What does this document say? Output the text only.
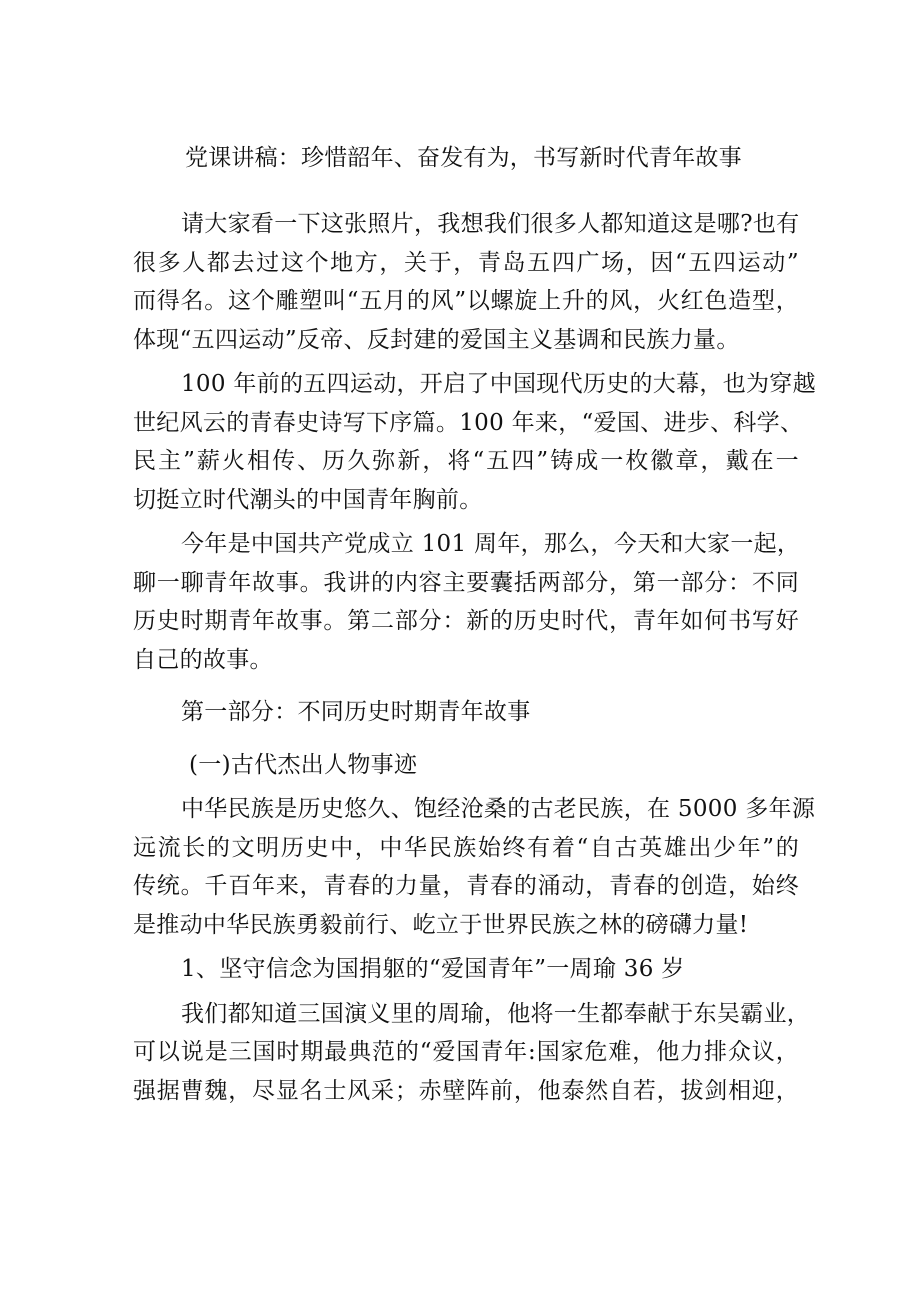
党课讲稿：珍惜韶年、奋发有为，书写新时代青年故事
请大家看一下这张照片，我想我们很多人都知道这是哪?也有
很多人都去过这个地方，关于，青岛五四广场，因“五四运动”
而得名。这个雕塑叫“五月的风”以螺旋上升的风，火红色造型，
体现“五四运动”反帝、反封建的爱国主义基调和民族力量。
100 年前的五四运动，开启了中国现代历史的大幕，也为穿越
世纪风云的青春史诗写下序篇。100 年来，“爱国、进步、科学、
民主”薪火相传、历久弥新，将“五四”铸成一枚徽章，戴在一
切挺立时代潮头的中国青年胸前。
今年是中国共产党成立 101 周年，那么，今天和大家一起，
聊一聊青年故事。我讲的内容主要囊括两部分，第一部分：不同
历史时期青年故事。第二部分：新的历史时代，青年如何书写好
自己的故事。
第一部分：不同历史时期青年故事
(一)古代杰出人物事迹
中华民族是历史悠久、饱经沧桑的古老民族，在 5000 多年源
远流长的文明历史中，中华民族始终有着“自古英雄出少年”的
传统。千百年来，青春的力量，青春的涌动，青春的创造，始终
是推动中华民族勇毅前行、屹立于世界民族之林的磅礴力量!
1、坚守信念为国捐躯的“爱国青年”一周瑜 36 岁
我们都知道三国演义里的周瑜，他将一生都奉献于东吴霸业，
可以说是三国时期最典范的“爱国青年:国家危难，他力排众议，
强据曹魏，尽显名士风采；赤壁阵前，他泰然自若，拔剑相迎，
